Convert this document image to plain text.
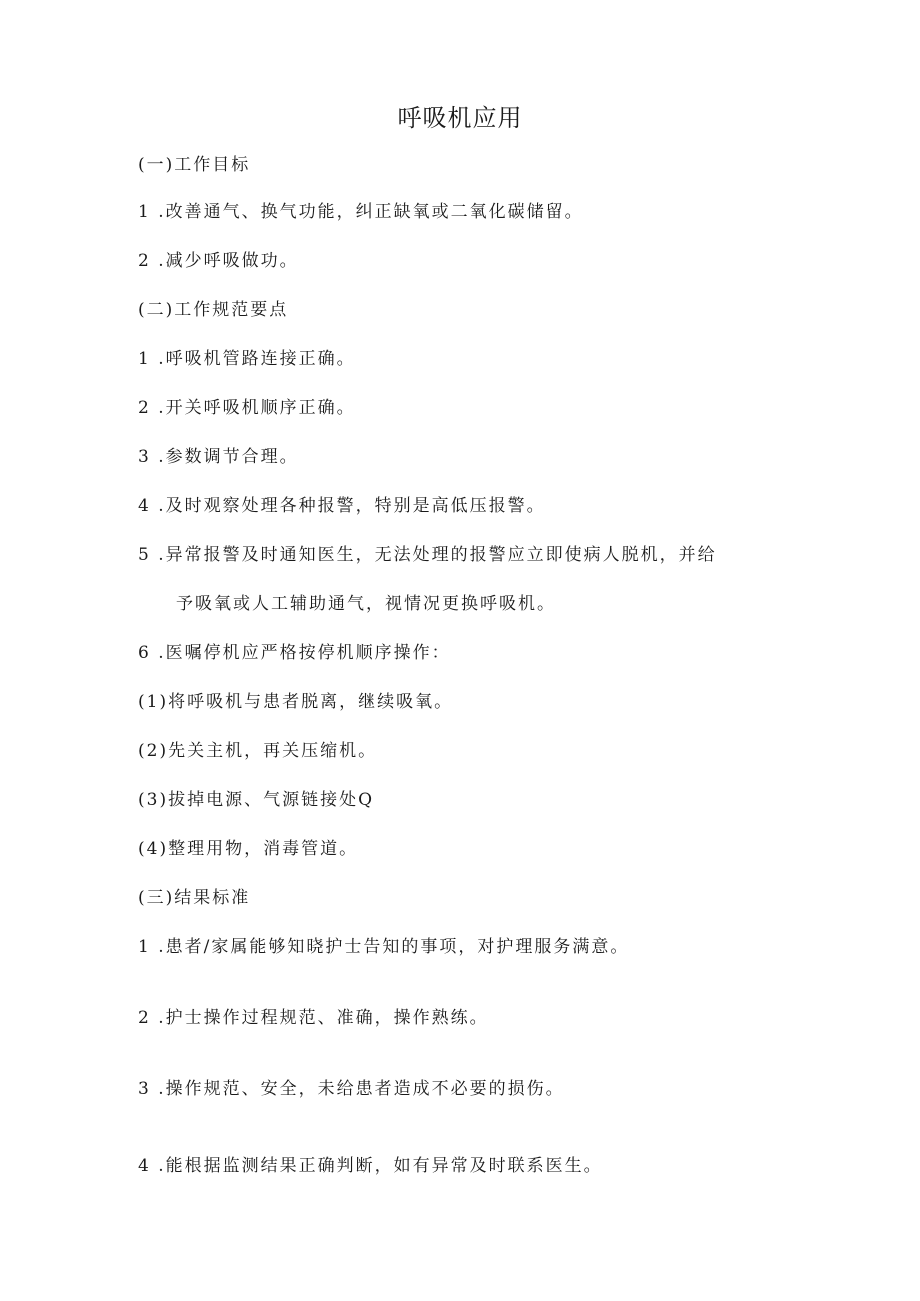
呼吸机应用
(一)工作目标
1 .改善通气、换气功能，纠正缺氧或二氧化碳储留。
2 .减少呼吸做功。
(二)工作规范要点
1 .呼吸机管路连接正确。
2 .开关呼吸机顺序正确。
3 .参数调节合理。
4 .及时观察处理各种报警，特别是高低压报警。
5 .异常报警及时通知医生，无法处理的报警应立即使病人脱机，并给
予吸氧或人工辅助通气，视情况更换呼吸机。
6 .医嘱停机应严格按停机顺序操作：
(1)将呼吸机与患者脱离，继续吸氧。
(2)先关主机，再关压缩机。
(3)拔掉电源、气源链接处Q
(4)整理用物，消毒管道。
(三)结果标准
1 .患者/家属能够知晓护士告知的事项，对护理服务满意。
2 .护士操作过程规范、准确，操作熟练。
3 .操作规范、安全，未给患者造成不必要的损伤。
4 .能根据监测结果正确判断，如有异常及时联系医生。
